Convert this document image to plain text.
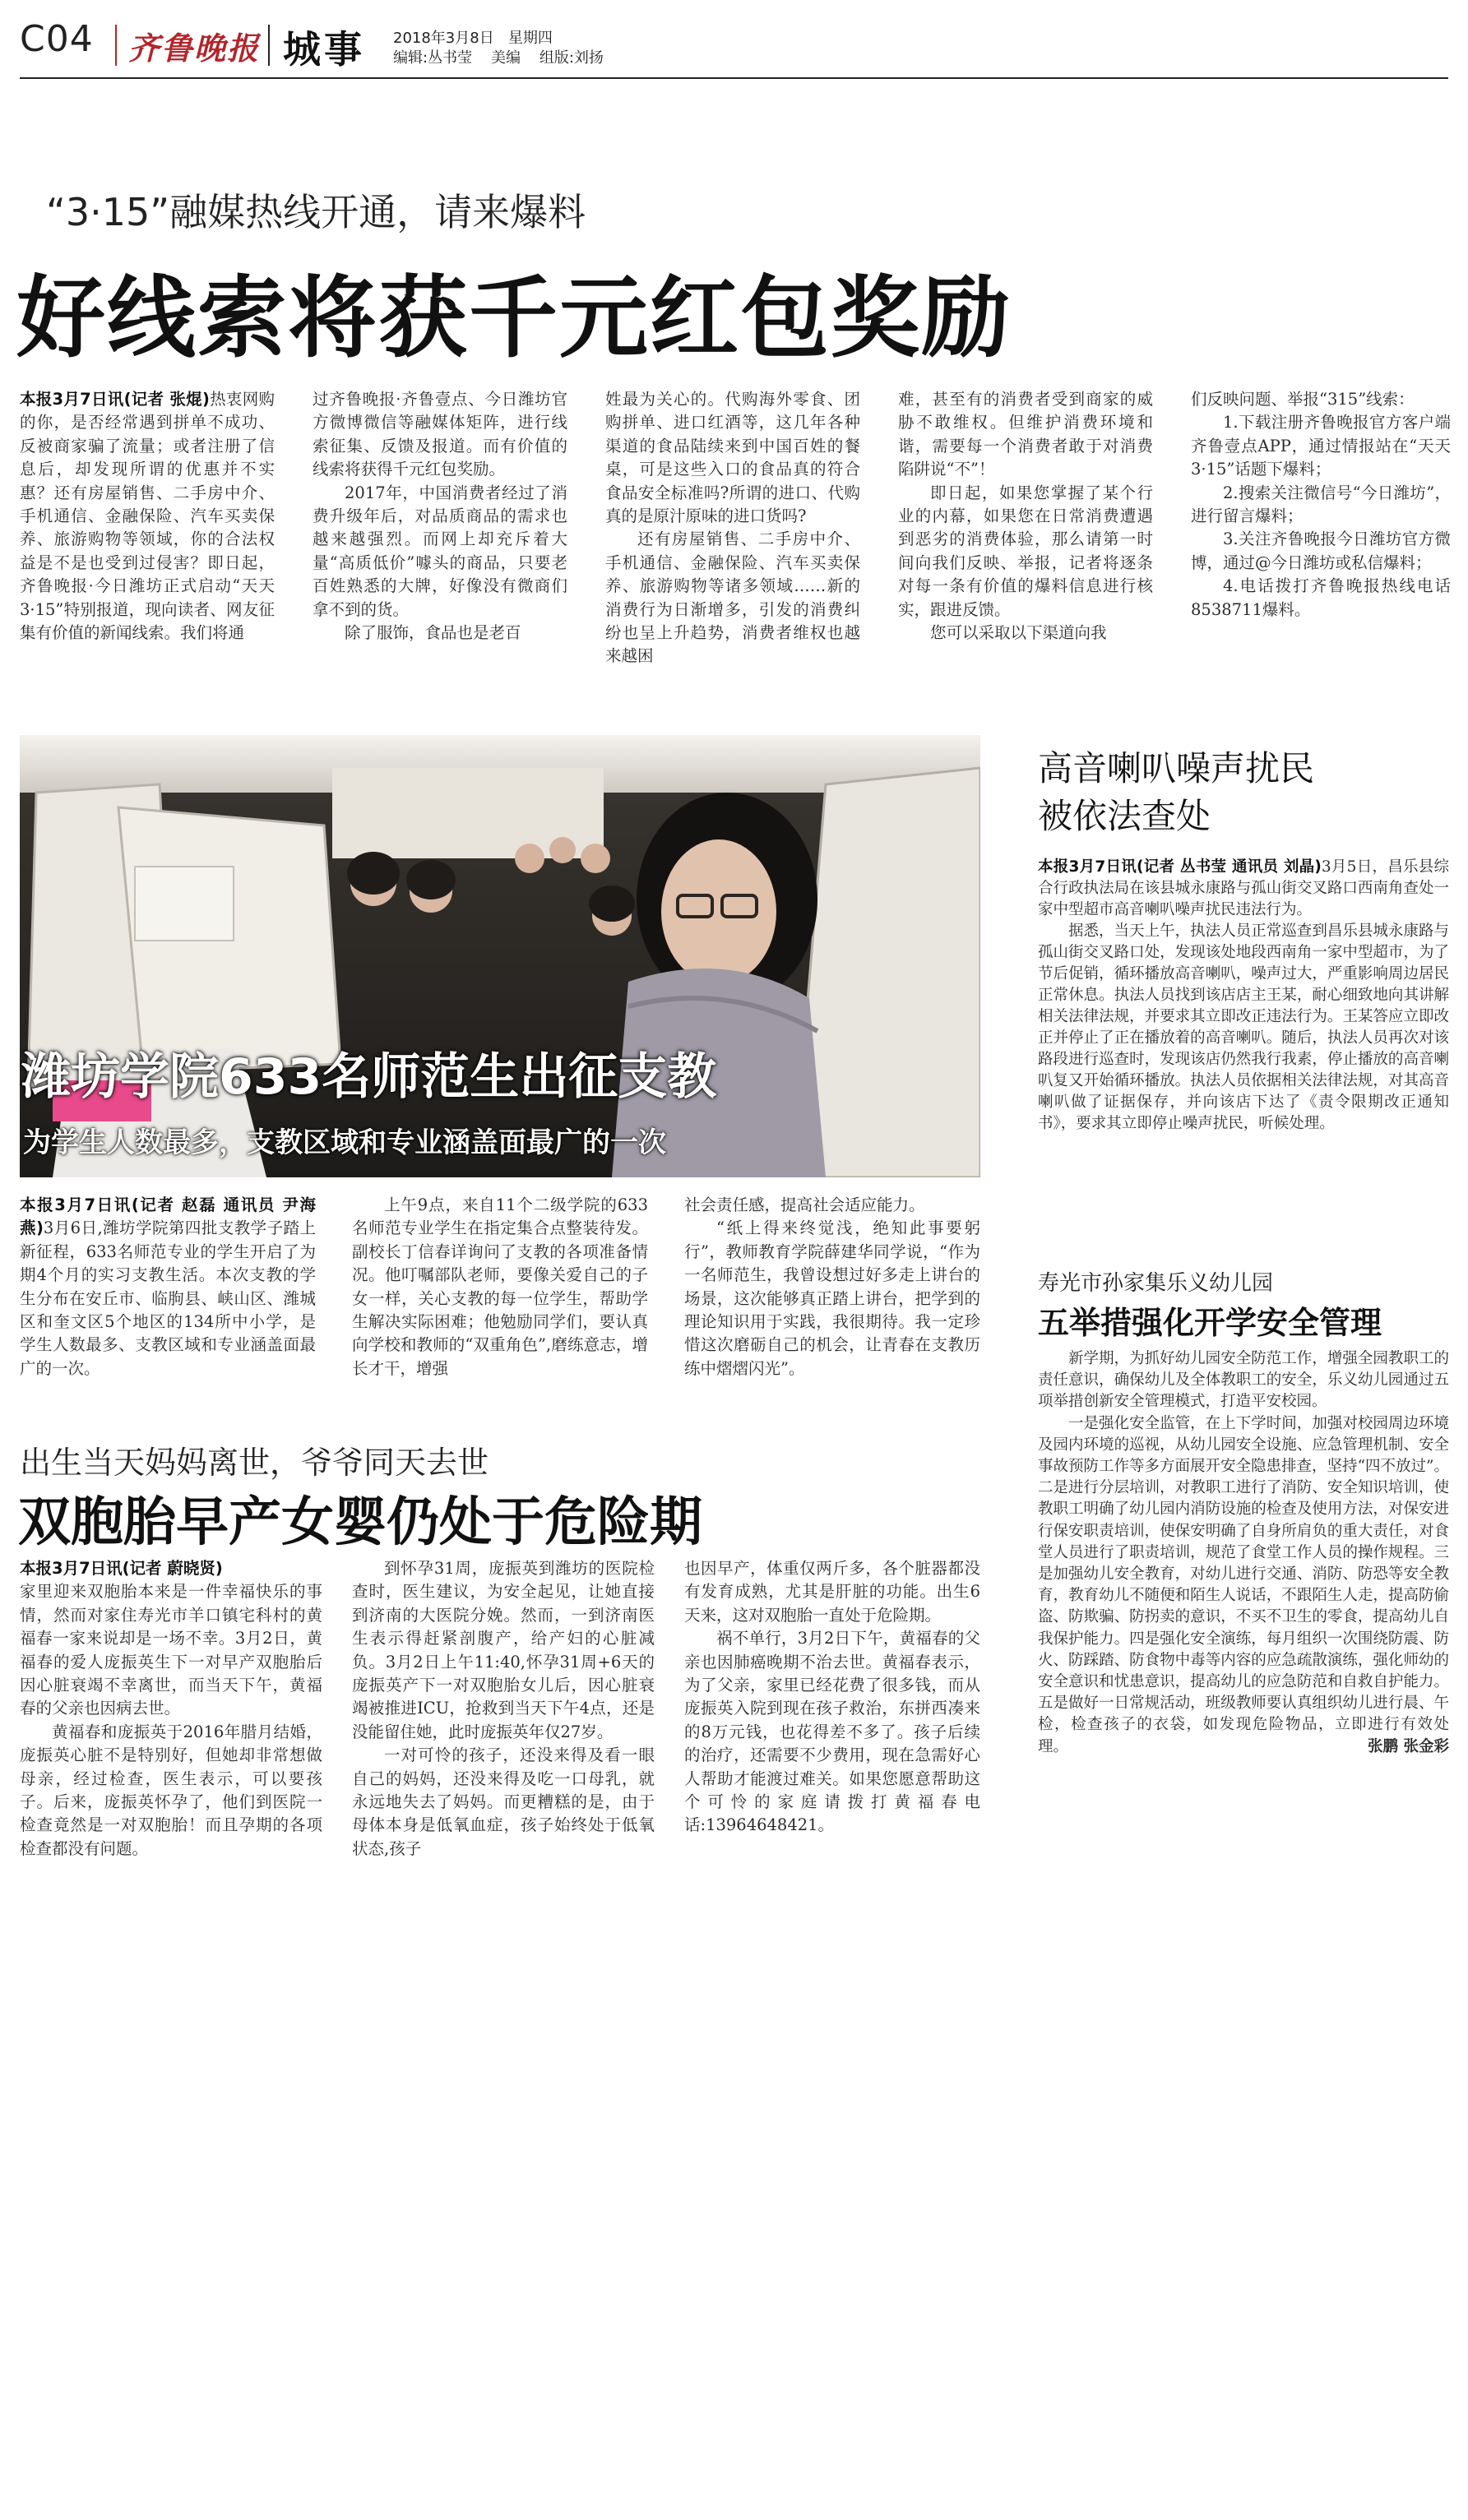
C04 齐鲁晚报 城事 2018年3月8日 星期四
编辑:丛书莹    美编    组版:刘扬
“3·15”融媒热线开通，请来爆料
好线索将获千元红包奖励

本报3月7日讯(记者 张焜)热衷网购的你，是否经常遇到拼单不成功、反被商家骗了流量；或者注册了信息后，却发现所谓的优惠并不实惠？还有房屋销售、二手房中介、手机通信、金融保险、汽车买卖保养、旅游购物等领域，你的合法权益是不是也受到过侵害？即日起，齐鲁晚报·今日潍坊正式启动“天天3·15”特别报道，现向读者、网友征集有价值的新闻线索。我们将通

过齐鲁晚报·齐鲁壹点、今日潍坊官方微博微信等融媒体矩阵，进行线索征集、反馈及报道。而有价值的线索将获得千元红包奖励。

2017年，中国消费者经过了消费升级年后，对品质商品的需求也越来越强烈。而网上却充斥着大量“高质低价”噱头的商品，只要老百姓熟悉的大牌，好像没有微商们拿不到的货。

除了服饰，食品也是老百

姓最为关心的。代购海外零食、团购拼单、进口红酒等，这几年各种渠道的食品陆续来到中国百姓的餐桌，可是这些入口的食品真的符合食品安全标准吗?所谓的进口、代购真的是原汁原味的进口货吗?

还有房屋销售、二手房中介、手机通信、金融保险、汽车买卖保养、旅游购物等诸多领域……新的消费行为日渐增多，引发的消费纠纷也呈上升趋势，消费者维权也越来越困

难，甚至有的消费者受到商家的威胁不敢维权。但维护消费环境和谐，需要每一个消费者敢于对消费陷阱说“不”！

即日起，如果您掌握了某个行业的内幕，如果您在日常消费遭遇到恶劣的消费体验，那么请第一时间向我们反映、举报，记者将逐条对每一条有价值的爆料信息进行核实，跟进反馈。

您可以采取以下渠道向我

们反映问题、举报“315”线索：

1.下载注册齐鲁晚报官方客户端齐鲁壹点APP，通过情报站在“天天3·15”话题下爆料；

2.搜索关注微信号“今日潍坊”，进行留言爆料；

3.关注齐鲁晚报今日潍坊官方微博，通过@今日潍坊或私信爆料；

4.电话拨打齐鲁晚报热线电话8538711爆料。

潍坊学院633名师范生出征支教
为学生人数最多，支教区域和专业涵盖面最广的一次

本报3月7日讯(记者 赵磊 通讯员 尹海燕)3月6日,潍坊学院第四批支教学子踏上新征程，633名师范专业的学生开启了为期4个月的实习支教生活。本次支教的学生分布在安丘市、临朐县、峡山区、潍城区和奎文区5个地区的134所中小学，是学生人数最多、支教区域和专业涵盖面最广的一次。

上午9点，来自11个二级学院的633名师范专业学生在指定集合点整装待发。副校长丁信春详询问了支教的各项准备情况。他叮嘱部队老师，要像关爱自己的子女一样，关心支教的每一位学生，帮助学生解决实际困难；他勉励同学们，要认真向学校和教师的“双重角色”,磨练意志，增长才干，增强

社会责任感，提高社会适应能力。

“纸上得来终觉浅，绝知此事要躬行”，教师教育学院薛建华同学说，“作为一名师范生，我曾设想过好多走上讲台的场景，这次能够真正踏上讲台，把学到的理论知识用于实践，我很期待。我一定珍惜这次磨砺自己的机会，让青春在支教历练中熠熠闪光”。

出生当天妈妈离世，爷爷同天去世
双胞胎早产女婴仍处于危险期

本报3月7日讯(记者 蔚晓贤)
家里迎来双胞胎本来是一件幸福快乐的事情，然而对家住寿光市羊口镇宅科村的黄福春一家来说却是一场不幸。3月2日，黄福春的爱人庞振英生下一对早产双胞胎后因心脏衰竭不幸离世，而当天下午，黄福春的父亲也因病去世。

黄福春和庞振英于2016年腊月结婚，庞振英心脏不是特别好，但她却非常想做母亲，经过检查，医生表示，可以要孩子。后来，庞振英怀孕了，他们到医院一检查竟然是一对双胞胎！而且孕期的各项检查都没有问题。

到怀孕31周，庞振英到潍坊的医院检查时，医生建议，为安全起见，让她直接到济南的大医院分娩。然而，一到济南医生表示得赶紧剖腹产，给产妇的心脏减负。3月2日上午11:40,怀孕31周+6天的庞振英产下一对双胞胎女儿后，因心脏衰竭被推进ICU，抢救到当天下午4点，还是没能留住她，此时庞振英年仅27岁。

一对可怜的孩子，还没来得及看一眼自己的妈妈，还没来得及吃一口母乳，就永远地失去了妈妈。而更糟糕的是，由于母体本身是低氧血症，孩子始终处于低氧状态,孩子

也因早产，体重仅两斤多，各个脏器都没有发育成熟，尤其是肝脏的功能。出生6天来，这对双胞胎一直处于危险期。

祸不单行，3月2日下午，黄福春的父亲也因肺癌晚期不治去世。黄福春表示，为了父亲，家里已经花费了很多钱，而从庞振英入院到现在孩子救治，东拼西凑来的8万元钱，也花得差不多了。孩子后续的治疗，还需要不少费用，现在急需好心人帮助才能渡过难关。如果您愿意帮助这个可怜的家庭请拨打黄福春电话:13964648421。

高音喇叭噪声扰民
被依法查处

本报3月7日讯(记者 丛书莹 通讯员 刘晶)3月5日，昌乐县综合行政执法局在该县城永康路与孤山街交叉路口西南角查处一家中型超市高音喇叭噪声扰民违法行为。

据悉，当天上午，执法人员正常巡查到昌乐县城永康路与孤山街交叉路口处，发现该处地段西南角一家中型超市，为了节后促销，循环播放高音喇叭，噪声过大，严重影响周边居民正常休息。执法人员找到该店店主王某，耐心细致地向其讲解相关法律法规，并要求其立即改正违法行为。王某答应立即改正并停止了正在播放着的高音喇叭。随后，执法人员再次对该路段进行巡查时，发现该店仍然我行我素，停止播放的高音喇叭复又开始循环播放。执法人员依据相关法律法规，对其高音喇叭做了证据保存，并向该店下达了《责令限期改正通知书》，要求其立即停止噪声扰民，听候处理。

寿光市孙家集乐义幼儿园
五举措强化开学安全管理

新学期，为抓好幼儿园安全防范工作，增强全园教职工的责任意识，确保幼儿及全体教职工的安全，乐义幼儿园通过五项举措创新安全管理模式，打造平安校园。

一是强化安全监管，在上下学时间，加强对校园周边环境及园内环境的巡视，从幼儿园安全设施、应急管理机制、安全事故预防工作等多方面展开安全隐患排查，坚持“四不放过”。二是进行分层培训，对教职工进行了消防、安全知识培训，使教职工明确了幼儿园内消防设施的检查及使用方法，对保安进行保安职责培训，使保安明确了自身所肩负的重大责任，对食堂人员进行了职责培训，规范了食堂工作人员的操作规程。三是加强幼儿安全教育，对幼儿进行交通、消防、防恐等安全教育，教育幼儿不随便和陌生人说话，不跟陌生人走，提高防偷盗、防欺骗、防拐卖的意识，不买不卫生的零食，提高幼儿自我保护能力。四是强化安全演练，每月组织一次围绕防震、防火、防踩踏、防食物中毒等内容的应急疏散演练，强化师幼的安全意识和忧患意识，提高幼儿的应急防范和自救自护能力。五是做好一日常规活动，班级教师要认真组织幼儿进行晨、午检，检查孩子的衣袋，如发现危险物品，立即进行有效处理。	张鹏 张金彩
